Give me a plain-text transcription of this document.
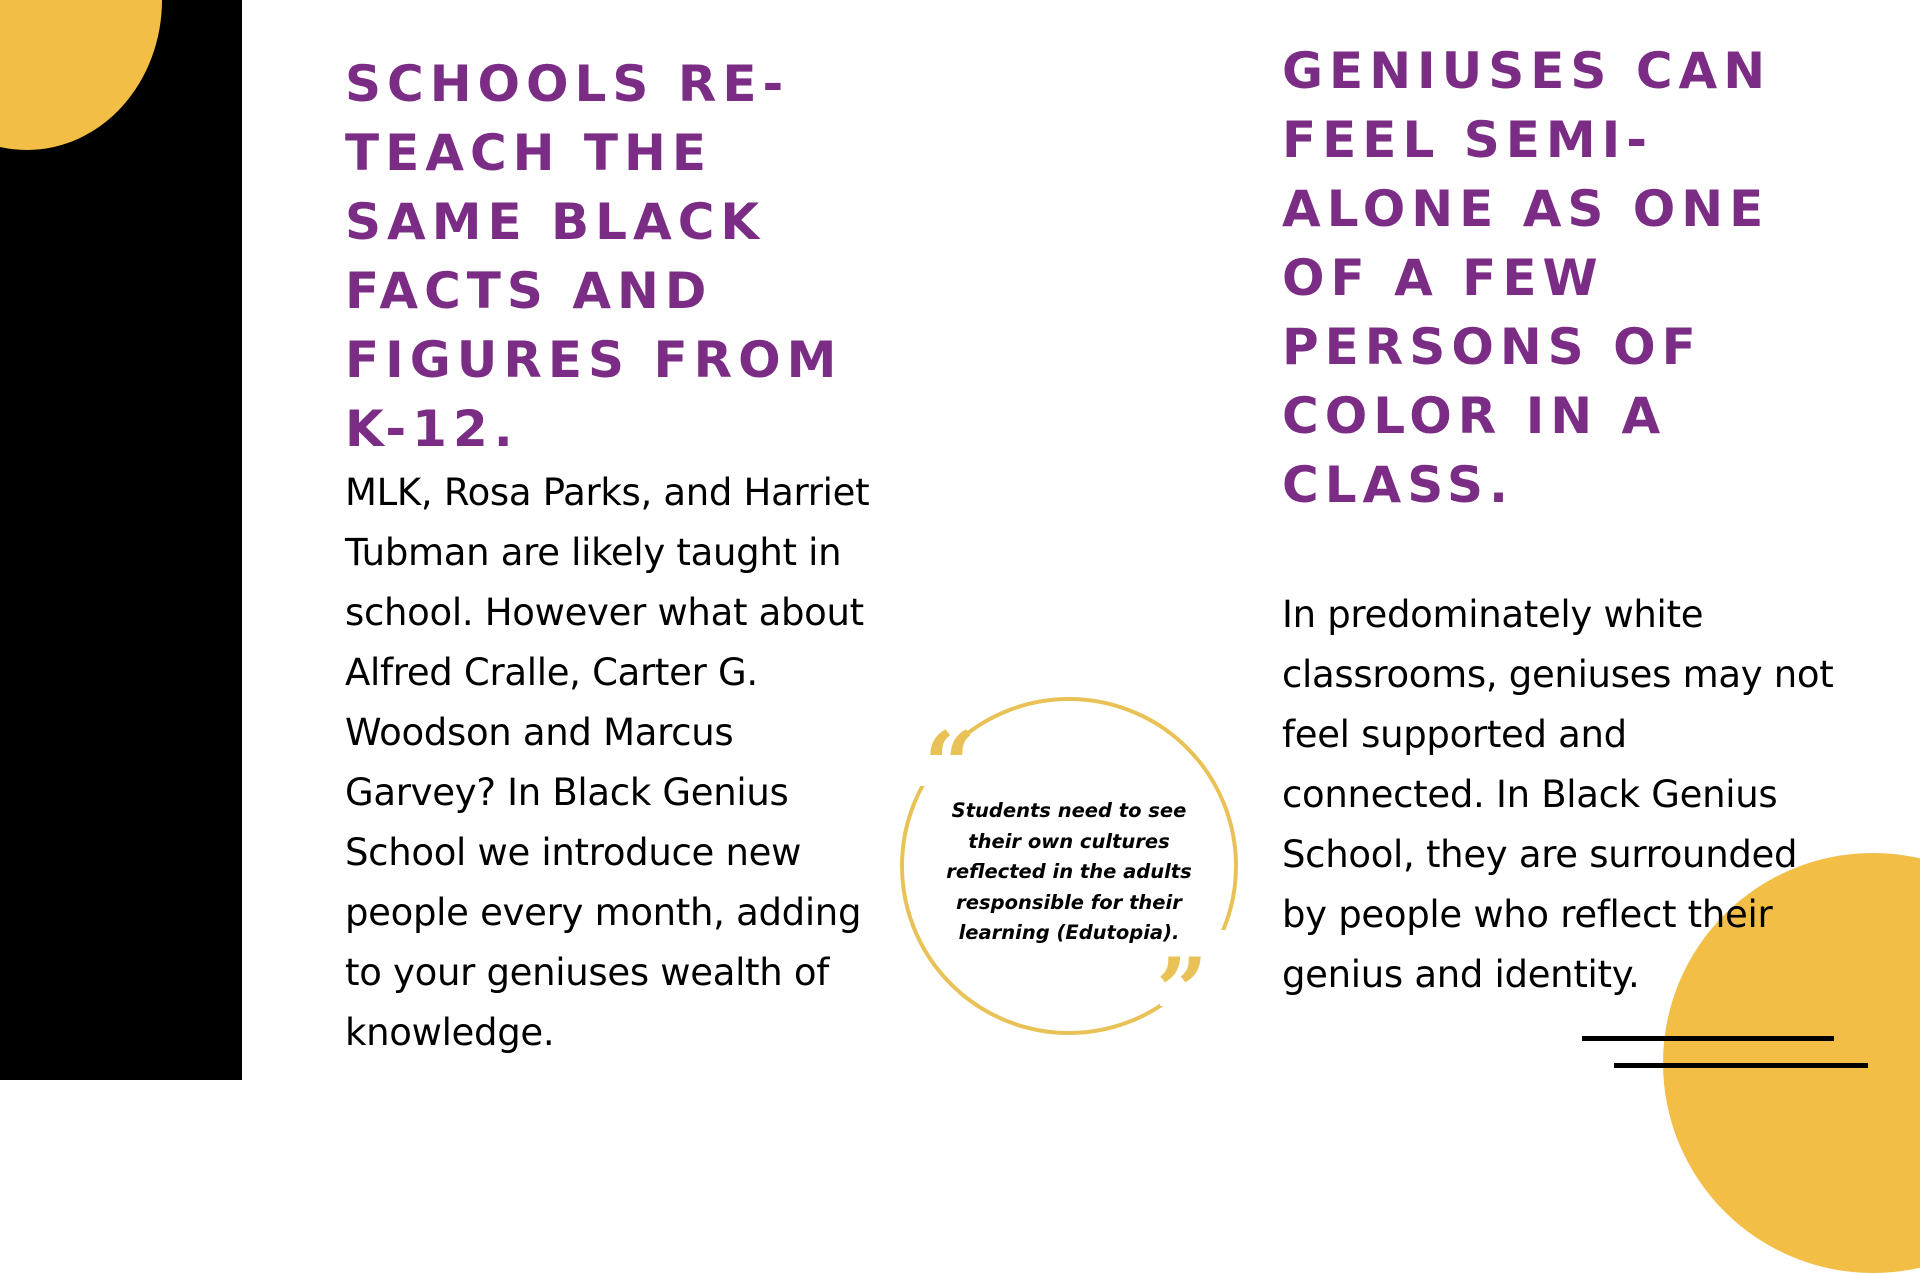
SCHOOLS RE-TEACH THE SAME BLACK FACTS AND FIGURES FROM K-12.

MLK, Rosa Parks, and Harriet Tubman are likely taught in school. However what about Alfred Cralle, Carter G. Woodson and Marcus Garvey? In Black Genius School we introduce new people every month, adding to your geniuses wealth of knowledge.

“

Students need to see their own cultures reflected in the adults responsible for their learning (Edutopia).

”
GENIUSES CAN FEEL SEMI-ALONE AS ONE OF A FEW PERSONS OF COLOR IN A CLASS.

In predominately white classrooms, geniuses may not feel supported and connected. In Black Genius School, they are surrounded by people who reflect their genius and identity.
